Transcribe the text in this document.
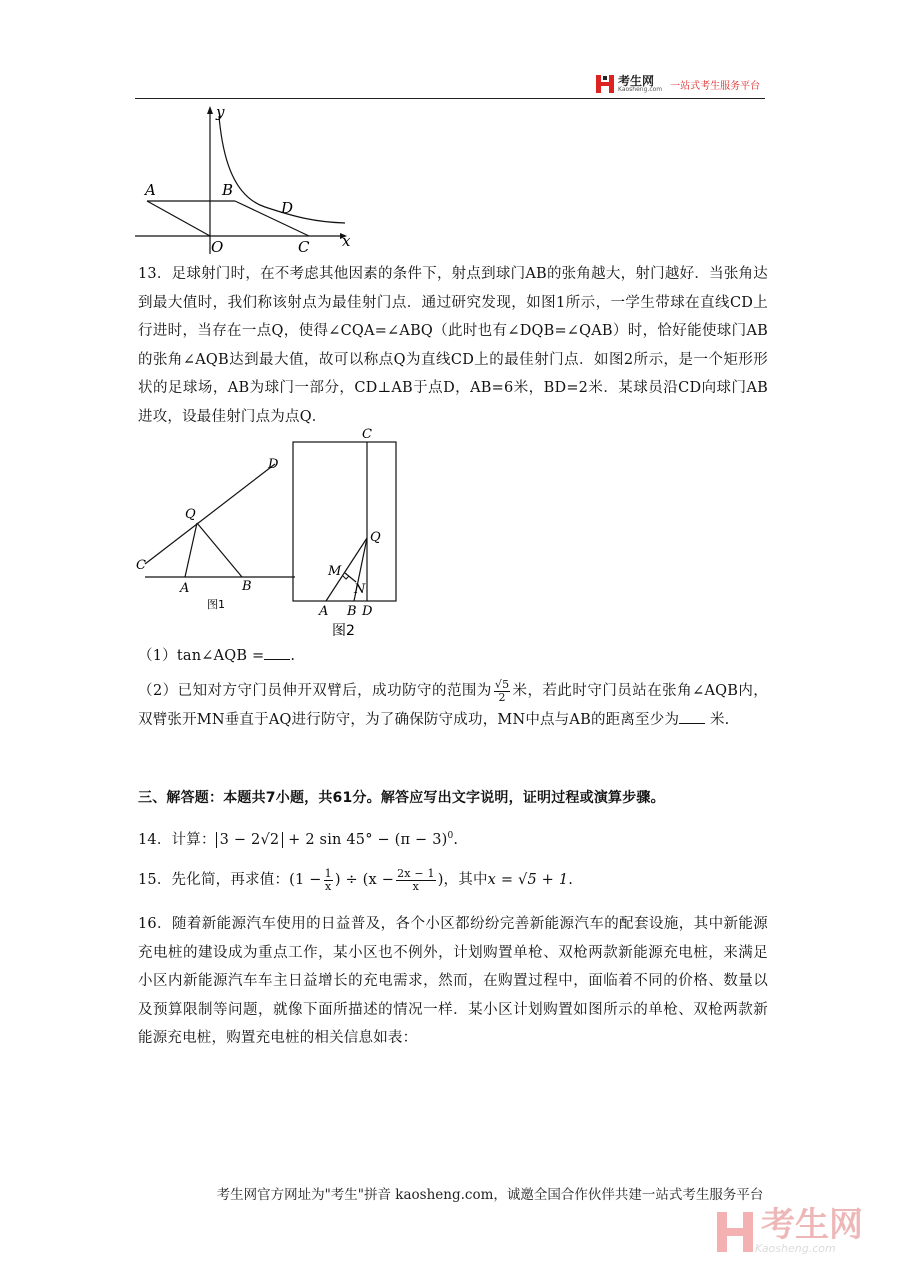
考生网
Kaosheng.com 一站式考生服务平台
y
x
A	B
D
O	C
13．足球射门时，在不考虑其他因素的条件下，射点到球门AB的张角越大，射门越好．当张角达到最大值时，我们称该射点为最佳射门点．通过研究发现，如图1所示，一学生带球在直线CD上行进时，当存在一点Q，使得∠CQA=∠ABQ（此时也有∠DQB=∠QAB）时，恰好能使球门AB的张角∠AQB达到最大值，故可以称点Q为直线CD上的最佳射门点．如图2所示，是一个矩形形状的足球场，AB为球门一部分，CD⊥AB于点D，AB=6米，BD=2米．某球员沿CD向球门AB进攻，设最佳射门点为点Q．
D
Q
C
A	B
图1
C
Q
M
N
A B D
图2
（1）tan∠AQB = .
（2）已知对方守门员伸开双臂后，成功防守的范围为 $\frac{√5}{2}$ 米，若此时守门员站在张角∠AQB内，双臂张开MN垂直于AQ进行防守，为了确保防守成功，MN中点与AB的距离至少为 米.
三、解答题：本题共7小题，共61分。解答应写出文字说明，证明过程或演算步骤。
14．计算： 3 − 2√2 + 2 $\sin 45^\circ - (\pi - 3)^0$.
15．先化简，再求值：($1 - \frac{1}{x}$ ) ÷ ($x - \frac{2x - 1}{x}$ )，其中x = √5 + 1.
16．随着新能源汽车使用的日益普及，各个小区都纷纷完善新能源汽车的配套设施，其中新能源充电桩的建设成为重点工作，某小区也不例外，计划购置单枪、双枪两款新能源充电桩，来满足小区内新能源汽车车主日益增长的充电需求，然而，在购置过程中，面临着不同的价格、数量以及预算限制等问题，就像下面所描述的情况一样．某小区计划购置如图所示的单枪、双枪两款新能源充电桩，购置充电桩的相关信息如表：
考生网官方网址为"考生"拼音 kaosheng.com，诚邀全国合作伙伴共建一站式考生服务平台
考生网
Kaosheng.com
